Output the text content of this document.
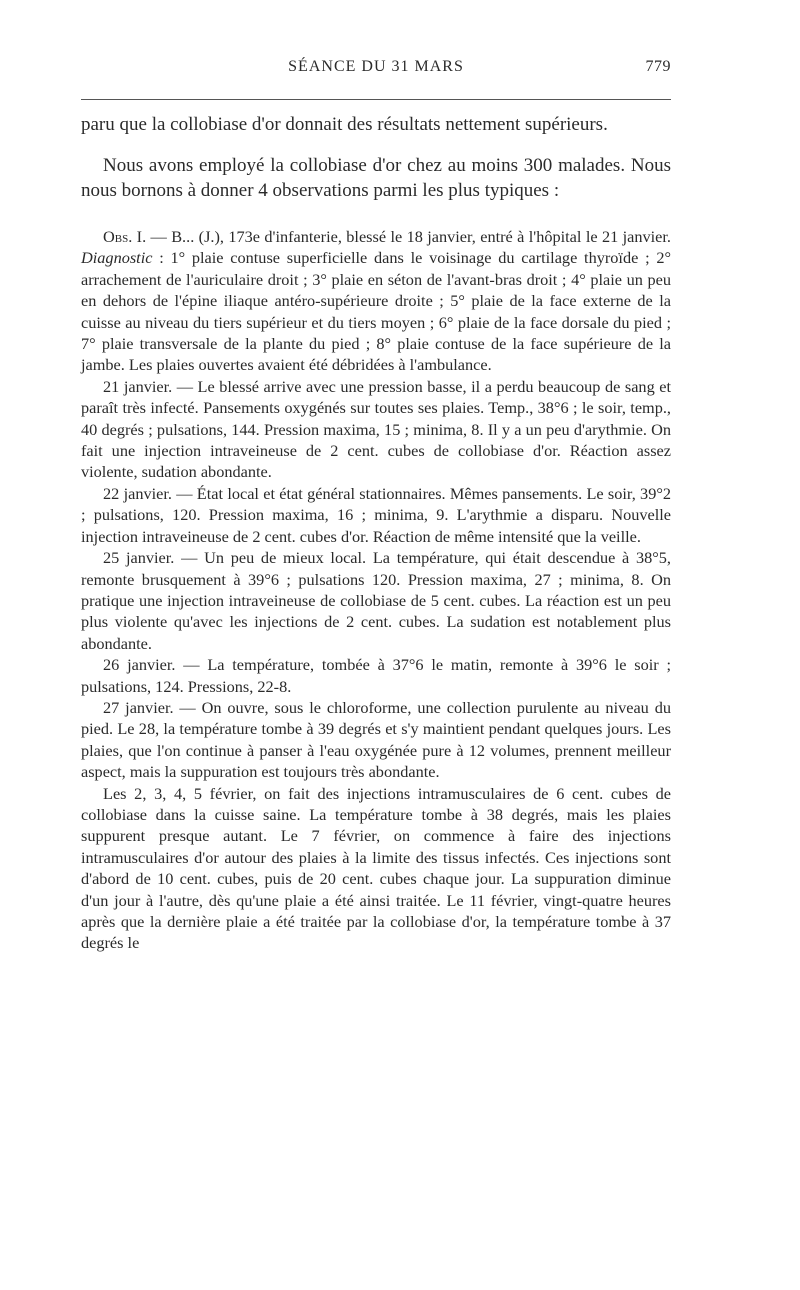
SÉANCE DU 31 MARS	779

paru que la collobiase d'or donnait des résultats nettement supérieurs.

Nous avons employé la collobiase d'or chez au moins 300 malades. Nous nous bornons à donner 4 observations parmi les plus typiques :

Obs. I. — B... (J.), 173e d'infanterie, blessé le 18 janvier, entré à l'hôpital le 21 janvier. Diagnostic : 1° plaie contuse superficielle dans le voisinage du cartilage thyroïde ; 2° arrachement de l'auriculaire droit ; 3° plaie en séton de l'avant-bras droit ; 4° plaie un peu en dehors de l'épine iliaque antéro-supérieure droite ; 5° plaie de la face externe de la cuisse au niveau du tiers supérieur et du tiers moyen ; 6° plaie de la face dorsale du pied ; 7° plaie transversale de la plante du pied ; 8° plaie contuse de la face supérieure de la jambe. Les plaies ouvertes avaient été débridées à l'ambulance.

21 janvier. — Le blessé arrive avec une pression basse, il a perdu beaucoup de sang et paraît très infecté. Pansements oxygénés sur toutes ses plaies. Temp., 38°6 ; le soir, temp., 40 degrés ; pulsations, 144. Pression maxima, 15 ; minima, 8. Il y a un peu d'arythmie. On fait une injection intraveineuse de 2 cent. cubes de collobiase d'or. Réaction assez violente, sudation abondante.

22 janvier. — État local et état général stationnaires. Mêmes pansements. Le soir, 39°2 ; pulsations, 120. Pression maxima, 16 ; minima, 9. L'arythmie a disparu. Nouvelle injection intraveineuse de 2 cent. cubes d'or. Réaction de même intensité que la veille.

25 janvier. — Un peu de mieux local. La température, qui était descendue à 38°5, remonte brusquement à 39°6 ; pulsations 120. Pression maxima, 27 ; minima, 8. On pratique une injection intraveineuse de collobiase de 5 cent. cubes. La réaction est un peu plus violente qu'avec les injections de 2 cent. cubes. La sudation est notablement plus abondante.

26 janvier. — La température, tombée à 37°6 le matin, remonte à 39°6 le soir ; pulsations, 124. Pressions, 22-8.

27 janvier. — On ouvre, sous le chloroforme, une collection purulente au niveau du pied. Le 28, la température tombe à 39 degrés et s'y maintient pendant quelques jours. Les plaies, que l'on continue à panser à l'eau oxygénée pure à 12 volumes, prennent meilleur aspect, mais la suppuration est toujours très abondante.

Les 2, 3, 4, 5 février, on fait des injections intramusculaires de 6 cent. cubes de collobiase dans la cuisse saine. La température tombe à 38 degrés, mais les plaies suppurent presque autant. Le 7 février, on commence à faire des injections intramusculaires d'or autour des plaies à la limite des tissus infectés. Ces injections sont d'abord de 10 cent. cubes, puis de 20 cent. cubes chaque jour. La suppuration diminue d'un jour à l'autre, dès qu'une plaie a été ainsi traitée. Le 11 février, vingt-quatre heures après que la dernière plaie a été traitée par la collobiase d'or, la température tombe à 37 degrés le
